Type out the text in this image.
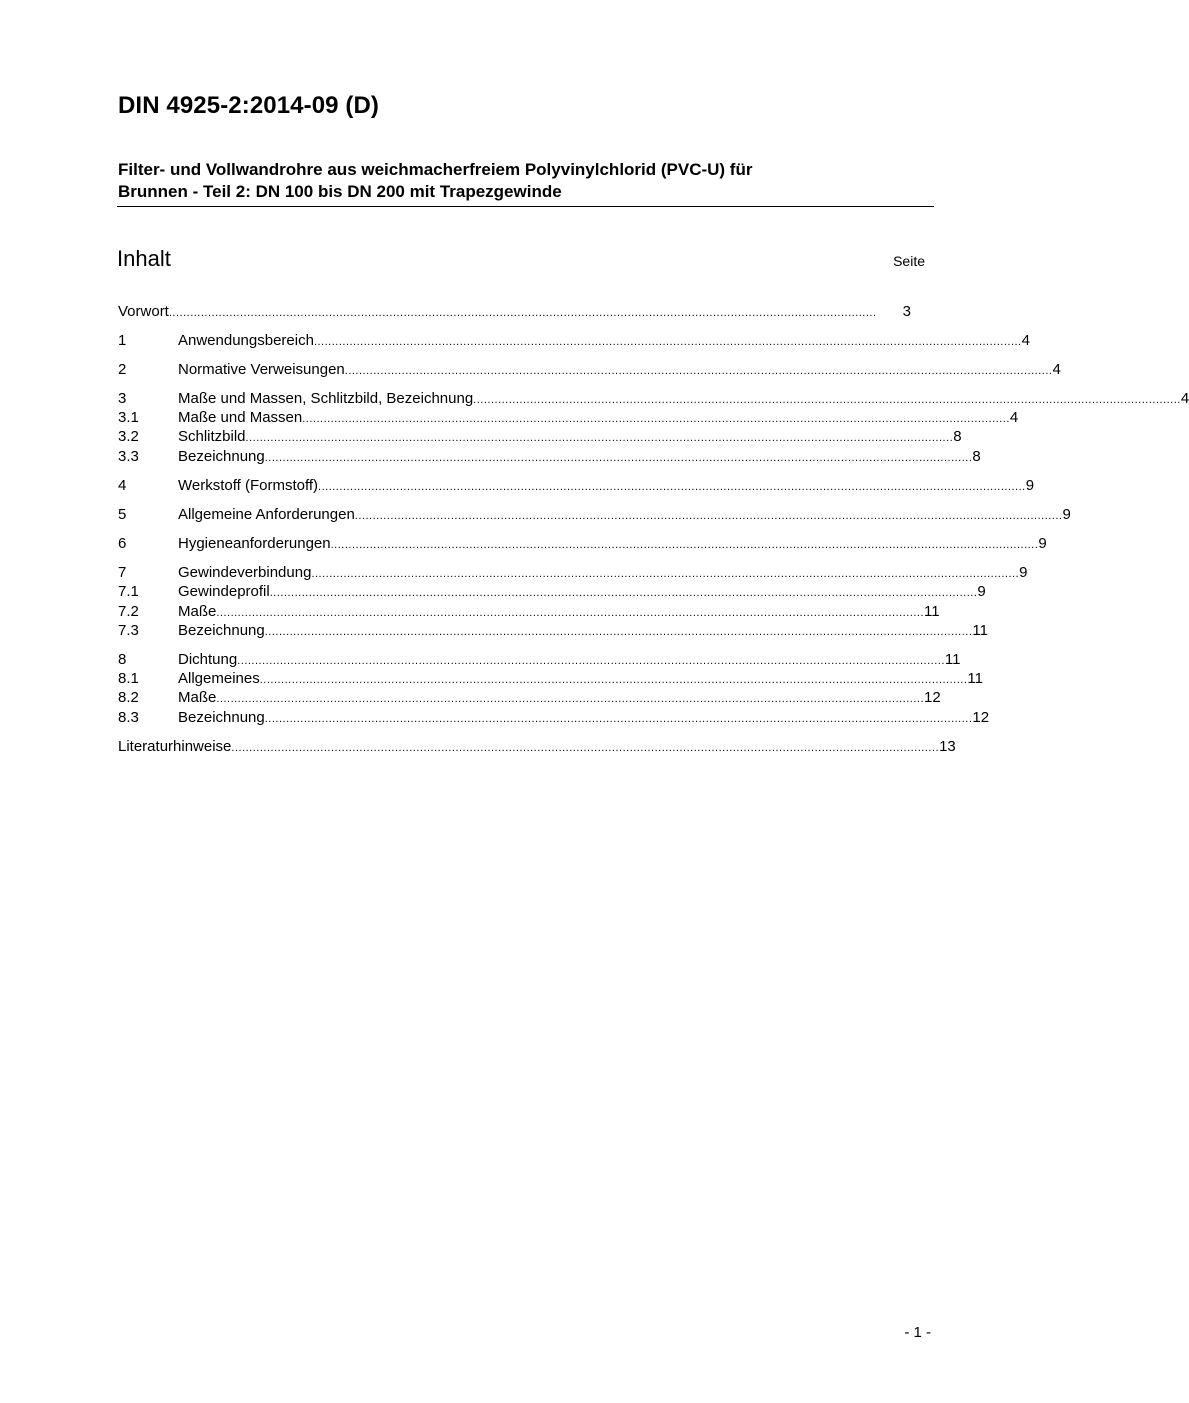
DIN 4925-2:2014-09 (D)
Filter- und Vollwandrohre aus weichmacherfreiem Polyvinylchlorid (PVC-U) für
Brunnen - Teil 2: DN 100 bis DN 200 mit Trapezgewinde
Inhalt	Seite
Vorwort .......................................................................................................................................................................................................	3
1	Anwendungsbereich ....................................................................................................................................................................................................... 4
2	Normative Verweisungen ....................................................................................................................................................................................................... 4
3	Maße und Massen, Schlitzbild, Bezeichnung ....................................................................................................................................................................................................... 4
3.1	Maße und Massen ....................................................................................................................................................................................................... 4
3.2	Schlitzbild ....................................................................................................................................................................................................... 8
3.3	Bezeichnung ....................................................................................................................................................................................................... 8
4	Werkstoff (Formstoff) ....................................................................................................................................................................................................... 9
5	Allgemeine Anforderungen ....................................................................................................................................................................................................... 9
6	Hygieneanforderungen ....................................................................................................................................................................................................... 9
7	Gewindeverbindung ....................................................................................................................................................................................................... 9
7.1	Gewindeprofil ....................................................................................................................................................................................................... 9
7.2	Maße ....................................................................................................................................................................................................... 11
7.3	Bezeichnung ....................................................................................................................................................................................................... 11
8	Dichtung ....................................................................................................................................................................................................... 11
8.1	Allgemeines ....................................................................................................................................................................................................... 11
8.2	Maße ....................................................................................................................................................................................................... 12
8.3	Bezeichnung ....................................................................................................................................................................................................... 12
Literaturhinweise ....................................................................................................................................................................................................... 13
- 1 -
